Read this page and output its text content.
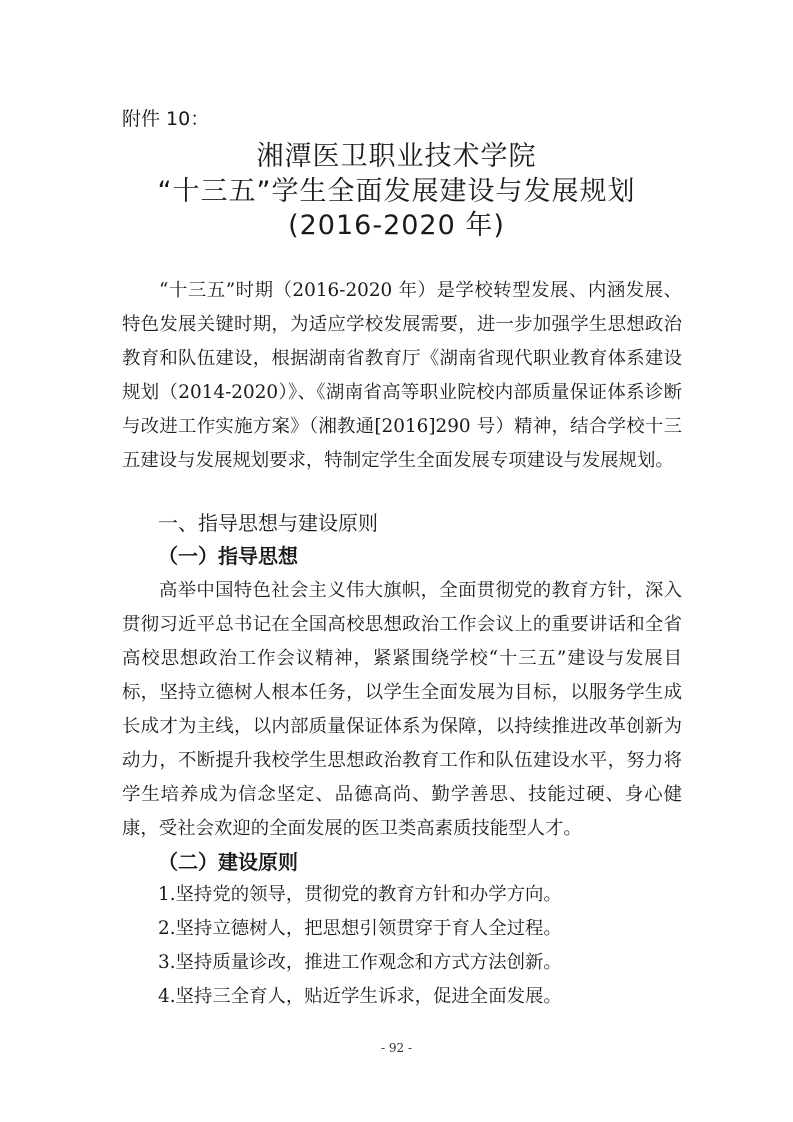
附件 10：
湘潭医卫职业技术学院
“十三五”学生全面发展建设与发展规划
(2016-2020 年)

“十三五”时期（2016-2020 年）是学校转型发展、内涵发展、特色发展关键时期，为适应学校发展需要，进一步加强学生思想政治教育和队伍建设，根据湖南省教育厅《湖南省现代职业教育体系建设规划（2014-2020）》、《湖南省高等职业院校内部质量保证体系诊断与改进工作实施方案》（湘教通[2016]290 号）精神，结合学校十三五建设与发展规划要求，特制定学生全面发展专项建设与发展规划。

一、指导思想与建设原则
（一）指导思想

高举中国特色社会主义伟大旗帜，全面贯彻党的教育方针，深入贯彻习近平总书记在全国高校思想政治工作会议上的重要讲话和全省高校思想政治工作会议精神，紧紧围绕学校“十三五”建设与发展目标，坚持立德树人根本任务，以学生全面发展为目标，以服务学生成长成才为主线，以内部质量保证体系为保障，以持续推进改革创新为动力，不断提升我校学生思想政治教育工作和队伍建设水平，努力将学生培养成为信念坚定、品德高尚、勤学善思、技能过硬、身心健康，受社会欢迎的全面发展的医卫类高素质技能型人才。

（二）建设原则
1.坚持党的领导，贯彻党的教育方针和办学方向。
2.坚持立德树人，把思想引领贯穿于育人全过程。
3.坚持质量诊改，推进工作观念和方式方法创新。
4.坚持三全育人，贴近学生诉求，促进全面发展。
- 92 -
